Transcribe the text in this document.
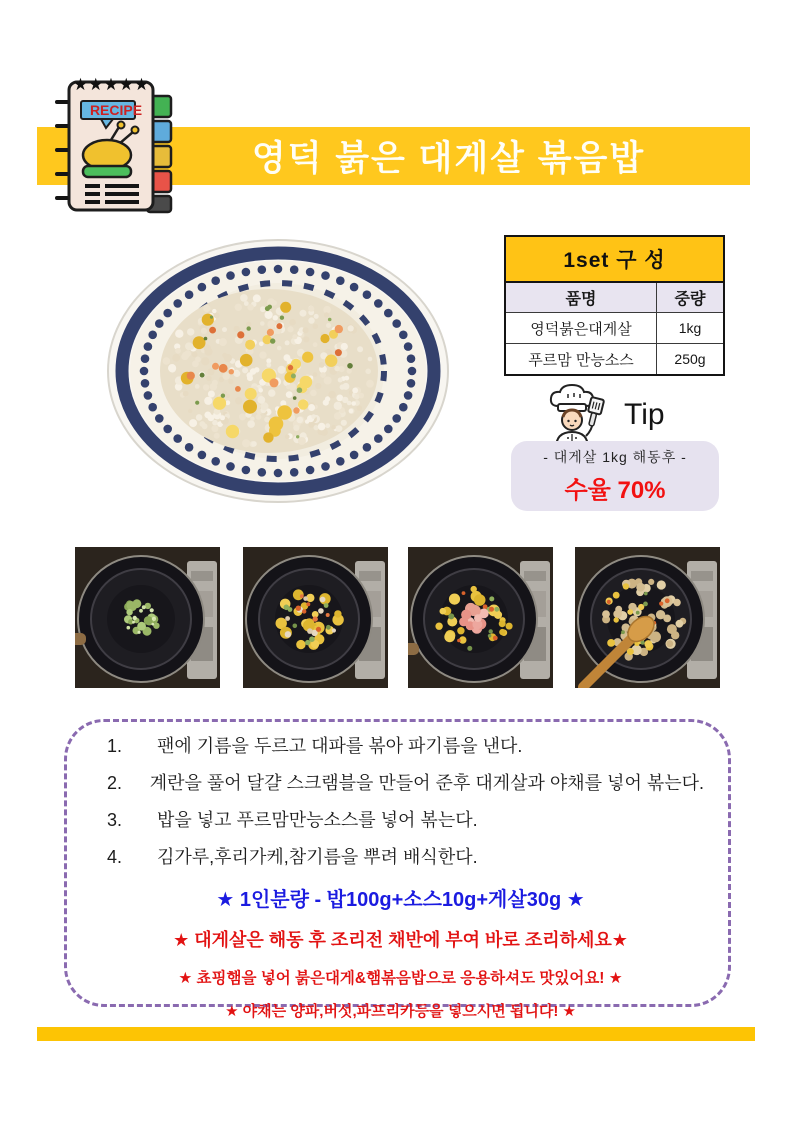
영덕 붉은 대게살 볶음밥
★★★★★
RECIPE
1set 구 성
품명	중량
영덕붉은대게살	1kg
푸르맘 만능소스	250g
Tip
- 대게살 1kg 해동후 -
수율 70%
1.	팬에 기름을 두르고 대파를 볶아 파기름을 낸다.
2. 계란을 풀어 달걀 스크램블을 만들어 준후 대게살과 야채를 넣어 볶는다.
3.	밥을 넣고 푸르맘만능소스를 넣어 볶는다.
4.	김가루,후리가케,참기름을 뿌려 배식한다.
★ 1인분량 - 밥100g+소스10g+게살30g ★
★ 대게살은 해동 후 조리전 채반에 부여 바로 조리하세요★
★ 쵸핑햄을 넣어 붉은대게&햄볶음밥으로 응용하셔도 맛있어요! ★
★ 야채는 양파,버섯,파프리카등을 넣으시면 됩니다! ★
